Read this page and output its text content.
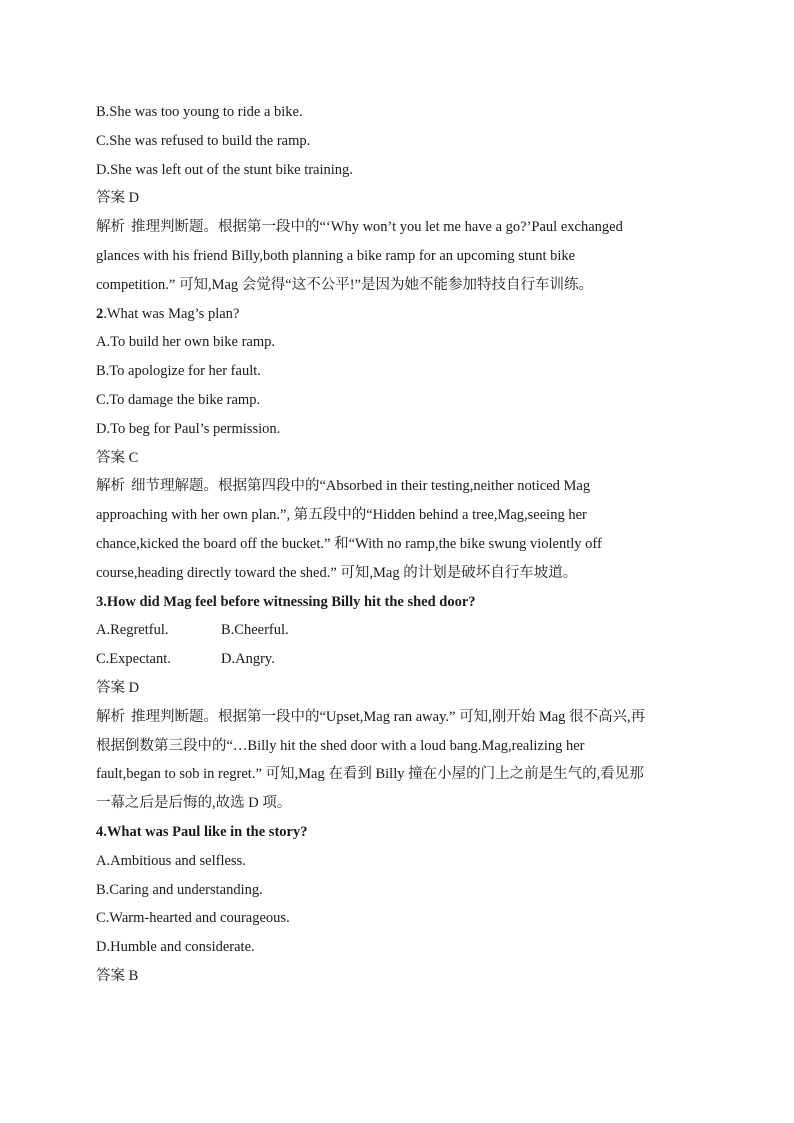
B.She was too young to ride a bike.
C.She was refused to build the ramp.
D.She was left out of the stunt bike training.
答案 D
解析 推理判断题。根据第一段中的“‘Why won’t you let me have a go?’Paul exchanged
glances with his friend Billy,both planning a bike ramp for an upcoming stunt bike
competition.” 可知,Mag 会觉得“这不公平!”是因为她不能参加特技自行车训练。
2.What was Mag’s plan?
A.To build her own bike ramp.
B.To apologize for her fault.
C.To damage the bike ramp.
D.To beg for Paul’s permission.
答案 C
解析 细节理解题。根据第四段中的“Absorbed in their testing,neither noticed Mag
approaching with her own plan.”, 第五段中的“Hidden behind a tree,Mag,seeing her
chance,kicked the board off the bucket.” 和“With no ramp,the bike swung violently off
course,heading directly toward the shed.” 可知,Mag 的计划是破坏自行车坡道。
3.How did Mag feel before witnessing Billy hit the shed door?
A.Regretful.	B.Cheerful.
C.Expectant.	D.Angry.
答案 D
解析 推理判断题。根据第一段中的“Upset,Mag ran away.” 可知,刚开始 Mag 很不高兴,再
根据倒数第三段中的“…Billy hit the shed door with a loud bang.Mag,realizing her
fault,began to sob in regret.” 可知,Mag 在看到 Billy 撞在小屋的门上之前是生气的,看见那
一幕之后是后悔的,故选 D 项。
4.What was Paul like in the story?
A.Ambitious and selfless.
B.Caring and understanding.
C.Warm-hearted and courageous.
D.Humble and considerate.
答案 B
